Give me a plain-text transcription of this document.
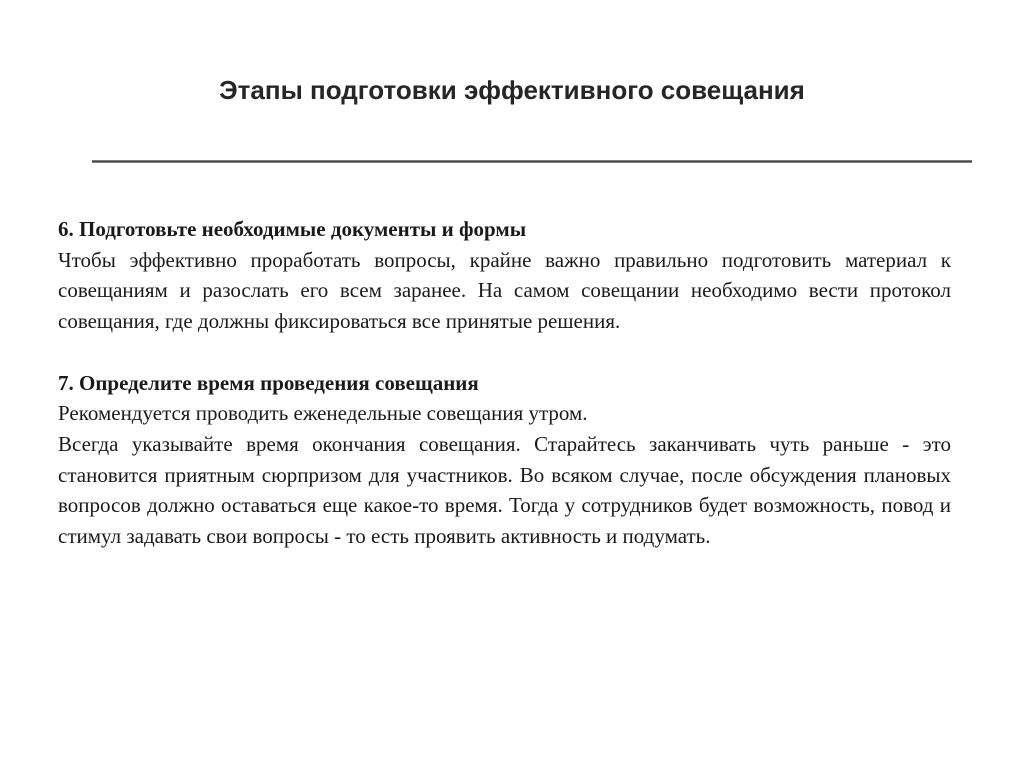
Этапы подготовки эффективного совещания

6. Подготовьте необходимые документы и формы

Чтобы эффективно проработать вопросы, крайне важно правильно подготовить материал к совещаниям и разослать его всем заранее. На самом совещании необходимо вести протокол совещания, где должны фиксироваться все принятые решения.

7. Определите время проведения совещания

Рекомендуется проводить еженедельные совещания утром.

Всегда указывайте время окончания совещания. Старайтесь заканчивать чуть раньше - это становится приятным сюрпризом для участников. Во всяком случае, после обсуждения плановых вопросов должно оставаться еще какое-то время. Тогда у сотрудников будет возможность, повод и стимул задавать свои вопросы - то есть проявить активность и подумать.
